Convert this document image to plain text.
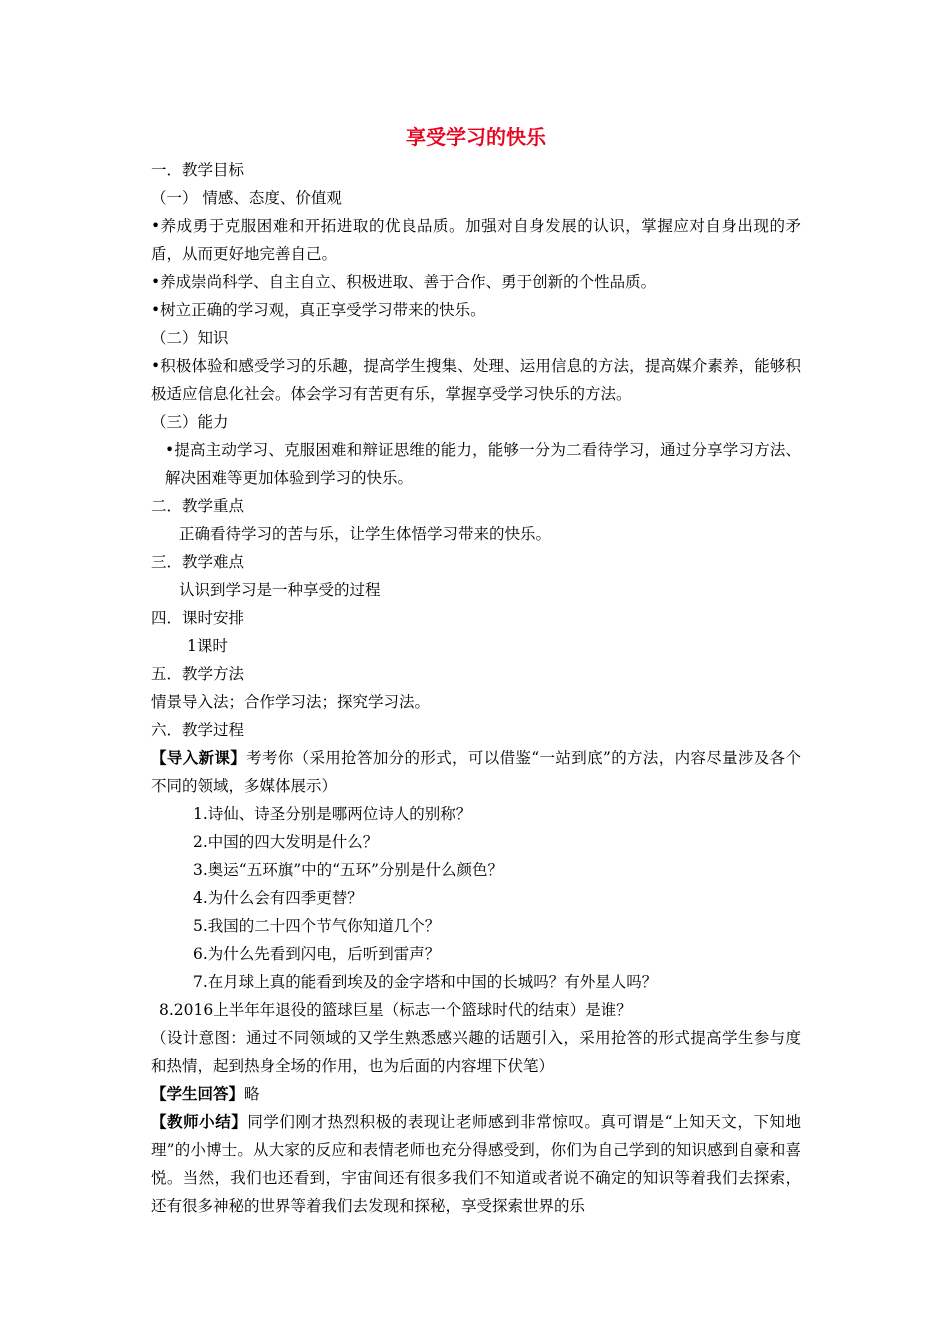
享受学习的快乐
一．教学目标
（一） 情感、态度、价值观
•养成勇于克服困难和开拓进取的优良品质。加强对自身发展的认识，掌握应对自身出现的矛盾，从而更好地完善自己。
•养成崇尚科学、自主自立、积极进取、善于合作、勇于创新的个性品质。
•树立正确的学习观，真正享受学习带来的快乐。
（二）知识
•积极体验和感受学习的乐趣，提高学生搜集、处理、运用信息的方法，提高媒介素养，能够积极适应信息化社会。体会学习有苦更有乐，掌握享受学习快乐的方法。
（三）能力
•提高主动学习、克服困难和辩证思维的能力，能够一分为二看待学习，通过分享学习方法、解决困难等更加体验到学习的快乐。
二．教学重点
正确看待学习的苦与乐，让学生体悟学习带来的快乐。
三．教学难点
认识到学习是一种享受的过程
四．课时安排
1课时
五．教学方法
情景导入法；合作学习法；探究学习法。
六．教学过程
【导入新课】考考你（采用抢答加分的形式，可以借鉴“一站到底”的方法，内容尽量涉及各个不同的领域，多媒体展示）
1.诗仙、诗圣分别是哪两位诗人的别称？
2.中国的四大发明是什么？
3.奥运“五环旗”中的“五环”分别是什么颜色？
4.为什么会有四季更替？
5.我国的二十四个节气你知道几个？
6.为什么先看到闪电，后听到雷声？
7.在月球上真的能看到埃及的金字塔和中国的长城吗？有外星人吗？
8.2016上半年年退役的篮球巨星（标志一个篮球时代的结束）是谁？
（设计意图：通过不同领域的又学生熟悉感兴趣的话题引入，采用抢答的形式提高学生参与度和热情，起到热身全场的作用，也为后面的内容埋下伏笔）
【学生回答】略
【教师小结】同学们刚才热烈积极的表现让老师感到非常惊叹。真可谓是“上知天文，下知地理”的小博士。从大家的反应和表情老师也充分得感受到，你们为自己学到的知识感到自豪和喜悦。当然，我们也还看到，宇宙间还有很多我们不知道或者说不确定的知识等着我们去探索，还有很多神秘的世界等着我们去发现和探秘，享受探索世界的乐
